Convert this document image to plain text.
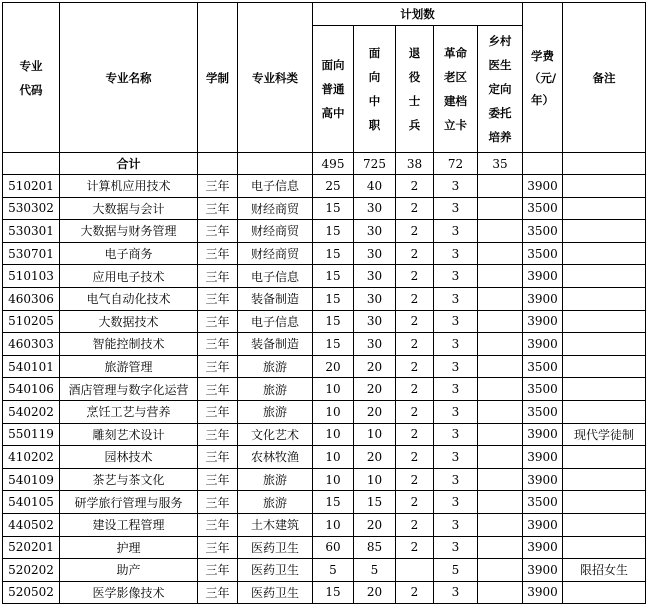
专业代码	专业名称	学制	专业科类	计划数					学费（元/年）	备注
				面向普通高中	面向中职	退役士兵	革命老区建档立卡	乡村医生定向委托培养		
	合计			495	725	38	72	35		
510201	计算机应用技术	三年	电子信息	25	40	2	3		3900	
530302	大数据与会计	三年	财经商贸	15	30	2	3		3500	
530301	大数据与财务管理	三年	财经商贸	15	30	2	3		3500	
530701	电子商务	三年	财经商贸	15	30	2	3		3500	
510103	应用电子技术	三年	电子信息	15	30	2	3		3900	
460306	电气自动化技术	三年	装备制造	15	30	2	3		3900	
510205	大数据技术	三年	电子信息	15	30	2	3		3900	
460303	智能控制技术	三年	装备制造	15	30	2	3		3900	
540101	旅游管理	三年	旅游	20	20	2	3		3500	
540106	酒店管理与数字化运营	三年	旅游	10	20	2	3		3500	
540202	烹饪工艺与营养	三年	旅游	10	20	2	3		3500	
550119	雕刻艺术设计	三年	文化艺术	10	10	2	3		3900	现代学徒制
410202	园林技术	三年	农林牧渔	10	20	2	3		3900	
540109	茶艺与茶文化	三年	旅游	10	10	2	3		3900	
540105	研学旅行管理与服务	三年	旅游	15	15	2	3		3500	
440502	建设工程管理	三年	土木建筑	10	20	2	3		3900	
520201	护理	三年	医药卫生	60	85	2	3		3900	
520202	助产	三年	医药卫生	5	5		5		3900	限招女生
520502	医学影像技术	三年	医药卫生	15	20	2	3		3900	
